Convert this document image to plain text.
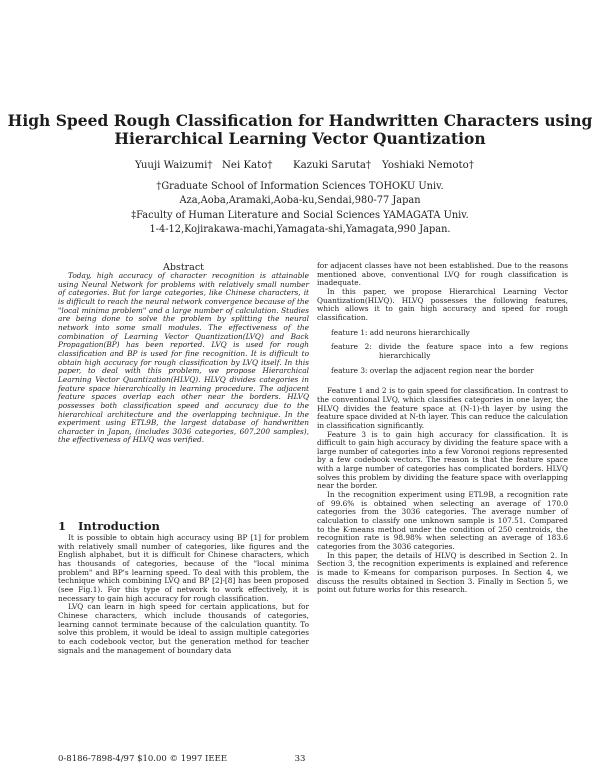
High Speed Rough Classification for Handwritten Characters using
Hierarchical Learning Vector Quantization
Yuuji Waizumi† Nei Kato† Kazuki Saruta† Yoshiaki Nemoto†
†Graduate School of Information Sciences TOHOKU Univ.
Aza,Aoba,Aramaki,Aoba-ku,Sendai,980-77 Japan
‡Faculty of Human Literature and Social Sciences YAMAGATA Univ.
1-4-12,Kojirakawa-machi,Yamagata-shi,Yamagata,990 Japan.
Abstract

Today, high accuracy of character recognition is attainable using Neural Network for problems with relatively small number of categories. But for large categories, like Chinese characters, it is difficult to reach the neural network convergence because of the "local minima problem" and a large number of calculation. Studies are being done to solve the problem by splitting the neural network into some small modules. The effectiveness of the combination of Learning Vector Quantization(LVQ) and Back Propagation(BP) has been reported. LVQ is used for rough classification and BP is used for fine recognition. It is difficult to obtain high accuracy for rough classification by LVQ itself. In this paper, to deal with this problem, we propose Hierarchical Learning Vector Quantization(HLVQ). HLVQ divides categories in feature space hierarchically in learning procedure. The adjacent feature spaces overlap each other near the borders. HLVQ possesses both classification speed and accuracy due to the hierarchical architecture and the overlapping technique. In the experiment using ETL9B, the largest database of handwritten character in Japan, (includes 3036 categories, 607,200 samples), the effectiveness of HLVQ was verified.

1 Introduction

It is possible to obtain high accuracy using BP [1] for problem with relatively small number of categories, like figures and the English alphabet, but it is difficult for Chinese characters, which has thousands of categories, because of the "local minima problem" and BP's learning speed. To deal with this problem, the technique which combining LVQ and BP [2]-[8] has been proposed (see Fig.1). For this type of network to work effectively, it is necessary to gain high accuracy for rough classification.

LVQ can learn in high speed for certain applications, but for Chinese characters, which include thousands of categories, learning cannot terminate because of the calculation quantity. To solve this problem, it would be ideal to assign multiple categories to each codebook vector, but the generation method for teacher signals and the management of boundary data

for adjacent classes have not been established. Due to the reasons mentioned above, conventional LVQ for rough classification is inadequate.

In this paper, we propose Hierarchical Learning Vector Quantization(HLVQ). HLVQ possesses the following features, which allows it to gain high accuracy and speed for rough classification.

feature 1: add neurons hierarchically

feature 2: divide the feature space into a few regions hierarchically

feature 3: overlap the adjacent region near the border

Feature 1 and 2 is to gain speed for classification. In contrast to the conventional LVQ, which classifies categories in one layer, the HLVQ divides the feature space at (N-1)-th layer by using the feature space divided at N-th layer. This can reduce the calculation in classification significantly.

Feature 3 is to gain high accuracy for classification. It is difficult to gain high accuracy by dividing the feature space with a large number of categories into a few Voronoi regions represented by a few codebook vectors. The reason is that the feature space with a large number of categories has complicated borders. HLVQ solves this problem by dividing the feature space with overlapping near the border.

In the recognition experiment using ETL9B, a recognition rate of 99.6% is obtained when selecting an average of 170.0 categories from the 3036 categories. The average number of calculation to classify one unknown sample is 107.51. Compared to the K-means method under the condition of 250 centroids, the recognition rate is 98.98% when selecting an average of 183.6 categories from the 3036 categories.

In this paper, the details of HLVQ is described in Section 2. In Section 3, the recognition experiments is explained and reference is made to K-means for comparison purposes. In Section 4, we discuss the results obtained in Section 3. Finally in Section 5, we point out future works for this research.

0-8186-7898-4/97 $10.00 © 1997 IEEE	33
